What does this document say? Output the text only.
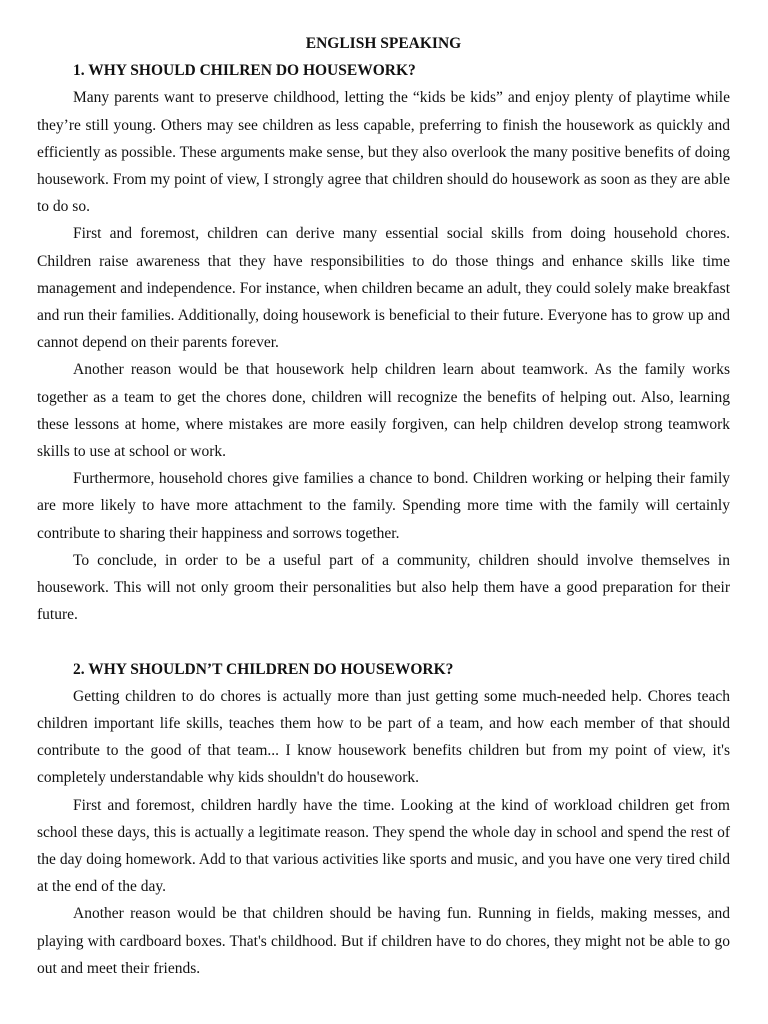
ENGLISH SPEAKING

1. WHY SHOULD CHILREN DO HOUSEWORK?

Many parents want to preserve childhood, letting the “kids be kids” and enjoy plenty of playtime while they’re still young. Others may see children as less capable, preferring to finish the housework as quickly and efficiently as possible. These arguments make sense, but they also overlook the many positive benefits of doing housework. From my point of view, I strongly agree that children should do housework as soon as they are able to do so.

First and foremost, children can derive many essential social skills from doing household chores. Children raise awareness that they have responsibilities to do those things and enhance skills like time management and independence. For instance, when children became an adult, they could solely make breakfast and run their families. Additionally, doing housework is beneficial to their future. Everyone has to grow up and cannot depend on their parents forever.

Another reason would be that housework help children learn about teamwork. As the family works together as a team to get the chores done, children will recognize the benefits of helping out. Also, learning these lessons at home, where mistakes are more easily forgiven, can help children develop strong teamwork skills to use at school or work.

Furthermore, household chores give families a chance to bond. Children working or helping their family are more likely to have more attachment to the family. Spending more time with the family will certainly contribute to sharing their happiness and sorrows together.

To conclude, in order to be a useful part of a community, children should involve themselves in housework. This will not only groom their personalities but also help them have a good preparation for their future.

2. WHY SHOULDN’T CHILDREN DO HOUSEWORK?

Getting children to do chores is actually more than just getting some much-needed help. Chores teach children important life skills, teaches them how to be part of a team, and how each member of that should contribute to the good of that team... I know housework benefits children but from my point of view, it's completely understandable why kids shouldn't do housework.

First and foremost, children hardly have the time. Looking at the kind of workload children get from school these days, this is actually a legitimate reason. They spend the whole day in school and spend the rest of the day doing homework. Add to that various activities like sports and music, and you have one very tired child at the end of the day.

Another reason would be that children should be having fun. Running in fields, making messes, and playing with cardboard boxes. That's childhood. But if children have to do chores, they might not be able to go out and meet their friends.
